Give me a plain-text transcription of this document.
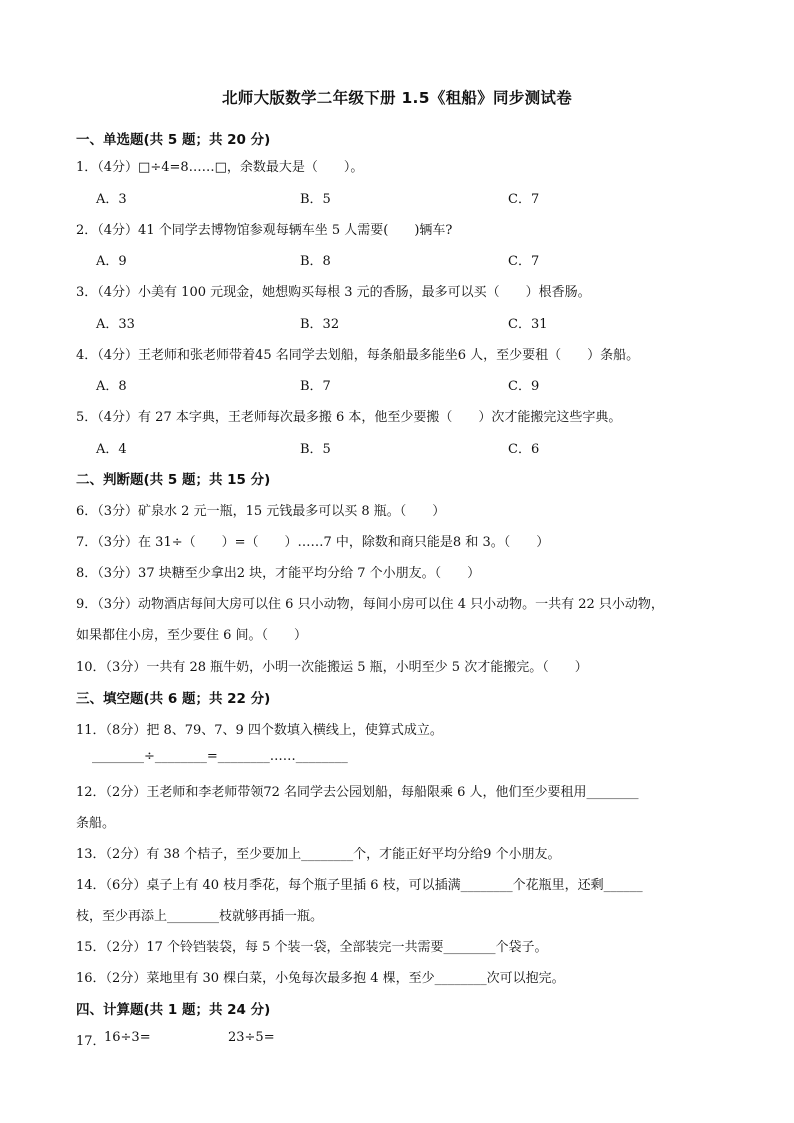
北师大版数学二年级下册 1.5《租船》同步测试卷
一、单选题(共 5 题；共 20 分)
1．（4分）□÷4=8……□，余数最大是（　　）。
A．3	B．5	C．7
2．（4分）41 个同学去博物馆参观每辆车坐 5 人需要(　　)辆车?
A．9	B．8	C．7
3．（4分）小美有 100 元现金，她想购买每根 3 元的香肠，最多可以买（　　）根香肠。
A．33	B．32	C．31
4．（4分）王老师和张老师带着45 名同学去划船，每条船最多能坐6 人，至少要租（　　）条船。
A．8	B．7	C．9
5．（4分）有 27 本字典，王老师每次最多搬 6 本，他至少要搬（　　）次才能搬完这些字典。
A．4	B．5	C．6
二、判断题(共 5 题；共 15 分)
6．（3分）矿泉水 2 元一瓶，15 元钱最多可以买 8 瓶。（　　）
7．（3分）在 31÷（　　）=（　　）……7 中，除数和商只能是8 和 3。（　　）
8．（3分）37 块糖至少拿出2 块，才能平均分给 7 个小朋友。（　　）
9．（3分）动物酒店每间大房可以住 6 只小动物，每间小房可以住 4 只小动物。一共有 22 只小动物，
如果都住小房，至少要住 6 间。（　　）
10．（3分）一共有 28 瓶牛奶，小明一次能搬运 5 瓶，小明至少 5 次才能搬完。（　　）
三、填空题(共 6 题；共 22 分)
11．（8分）把 8、79、7、9 四个数填入横线上，使算式成立。
________÷________=________……________
12．（2分）王老师和李老师带领72 名同学去公园划船，每船限乘 6 人，他们至少要租用________
条船。
13．（2分）有 38 个桔子，至少要加上________个，才能正好平均分给9 个小朋友。
14．（6分）桌子上有 40 枝月季花，每个瓶子里插 6 枝，可以插满________个花瓶里，还剩______
枝，至少再添上________枝就够再插一瓶。
15．（2分）17 个铃铛装袋，每 5 个装一袋，全部装完一共需要________个袋子。
16．（2分）菜地里有 30 棵白菜，小兔每次最多抱 4 棵，至少________次可以抱完。
四、计算题(共 1 题；共 24 分)
17．
16÷3=	23÷5=
